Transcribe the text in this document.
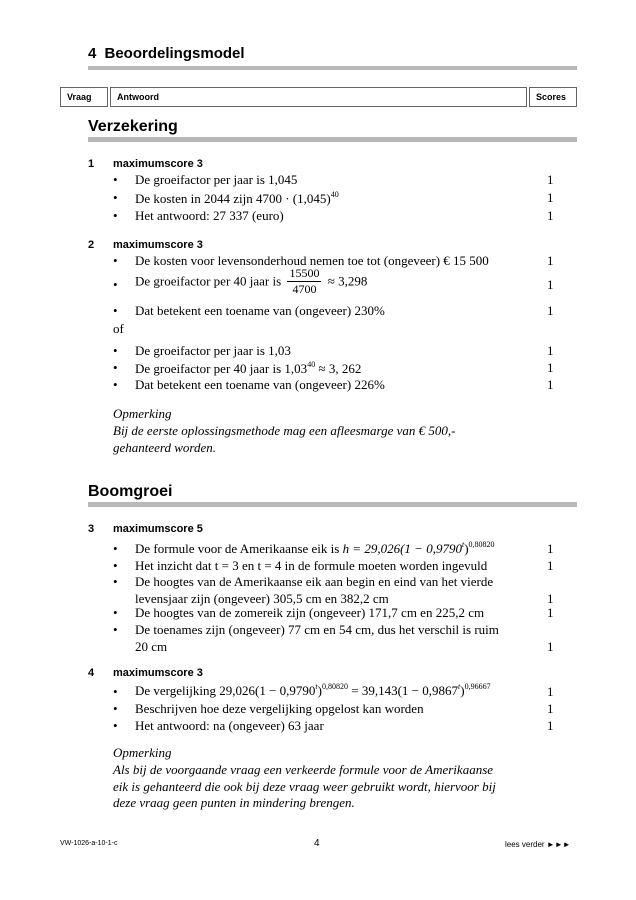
4 Beoordelingsmodel
Vraag	Antwoord	Scores
Verzekering
1 maximumscore 3
• De groeifactor per jaar is 1,045	1
• De kosten in 2044 zijn $4700 \cdot (1,045)^{40}$	1
• Het antwoord: 27 337 (euro)	1
2 maximumscore 3
• De kosten voor levensonderhoud nemen toe tot (ongeveer) € 15 500	1
• De groeifactor per 40 jaar is $\frac{15500}{4700} \approx 3,298$	1
• Dat betekent een toename van (ongeveer) 230%	1
of
• De groeifactor per jaar is 1,03	1
• De groeifactor per 40 jaar is $1,03^{40} \approx 3$, 262	1
• Dat betekent een toename van (ongeveer) 226%	1
Opmerking
Bij de eerste oplossingsmethode mag een afleesmarge van € 500,-
gehanteerd worden.
Boomgroei
3 maximumscore 5
• De formule voor de Amerikaanse eik is $h = 29,026(1 - 0,9790^t)^{0,80820}$	1
• Het inzicht dat t = 3 en t = 4 in de formule moeten worden ingevuld	1
• De hoogtes van de Amerikaanse eik aan begin en eind van het vierde
levensjaar zijn (ongeveer) 305,5 cm en 382,2 cm	1
• De hoogtes van de zomereik zijn (ongeveer) 171,7 cm en 225,2 cm	1
• De toenames zijn (ongeveer) 77 cm en 54 cm, dus het verschil is ruim
20 cm	1
4 maximumscore 3
• De vergelijking $29,026(1 - 0,9790^t)^{0,80820} = 39,143(1 - 0,9867^t)^{0,96667}$	1
• Beschrijven hoe deze vergelijking opgelost kan worden	1
• Het antwoord: na (ongeveer) 63 jaar	1
Opmerking
Als bij de voorgaande vraag een verkeerde formule voor de Amerikaanse
eik is gehanteerd die ook bij deze vraag weer gebruikt wordt, hiervoor bij
deze vraag geen punten in mindering brengen.
VW-1026-a-10-1-c	4	lees verder ►►►
